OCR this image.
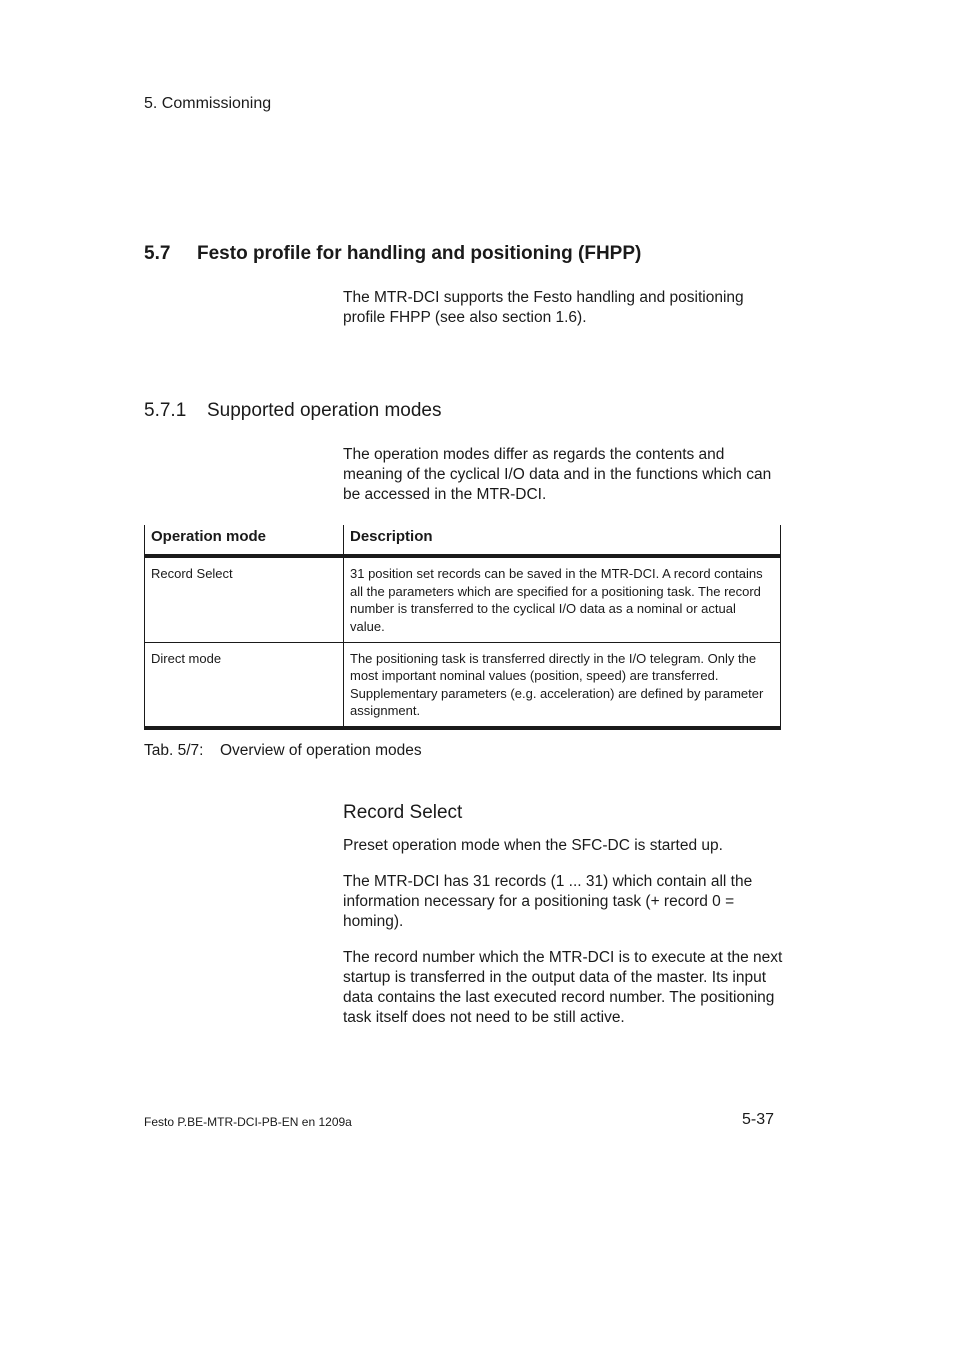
5. Commissioning
5.7 Festo profile for handling and positioning (FHPP)
The MTR-DCI supports the Festo handling and positioning profile FHPP (see also section 1.6).
5.7.1 Supported operation modes
The operation modes differ as regards the contents and meaning of the cyclical I/O data and in the functions which can be accessed in the MTR-DCI.
Operation mode	Description
Record Select	31 position set records can be saved in the MTR-DCI. A record contains all the parameters which are specified for a positioning task. The record number is transferred to the cyclical I/O data as a nominal or actual value.
Direct mode	The positioning task is transferred directly in the I/O telegram. Only the most important nominal values (position, speed) are transferred. Supplementary parameters (e.g. acceleration) are defined by parameter assignment.
Tab. 5/7: Overview of operation modes
Record Select
Preset operation mode when the SFC-DC is started up.
The MTR-DCI has 31 records (1 ... 31) which contain all the information necessary for a positioning task (+ record 0 = homing).
The record number which the MTR-DCI is to execute at the next startup is transferred in the output data of the master. Its input data contains the last executed record number. The positioning task itself does not need to be still active.
Festo P.BE-MTR-DCI-PB-EN en 1209a	5-37
